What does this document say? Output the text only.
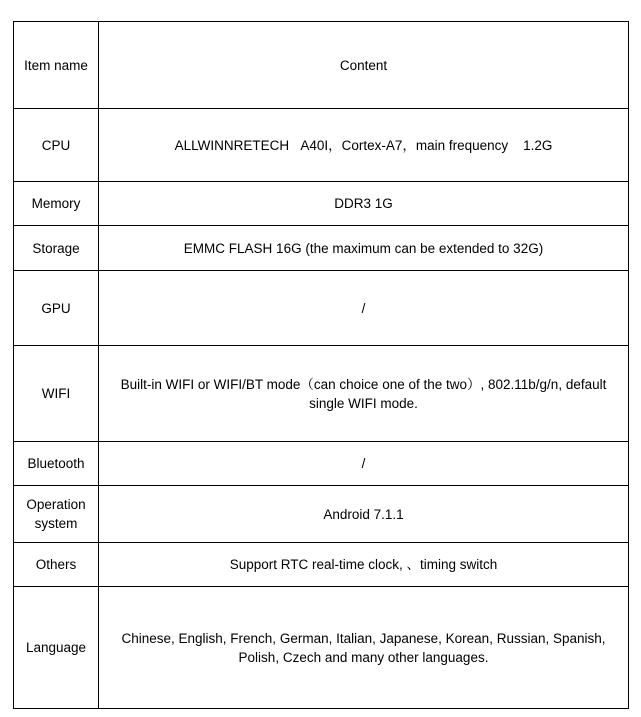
Item name	Content
CPU	ALLWINNRETECH   A40I，Cortex-A7，main frequency    1.2G
Memory	DDR3 1G
Storage	EMMC FLASH 16G (the maximum can be extended to 32G)
GPU	/
WIFI	Built-in WIFI or WIFI/BT mode（can choice one of the two）, 802.11b/g/n, default single WIFI mode.
Bluetooth	/
Operation system	Android 7.1.1
Others	Support RTC real-time clock, 、timing switch
Language	Chinese, English, French, German, Italian, Japanese, Korean, Russian, Spanish, Polish, Czech and many other languages.
